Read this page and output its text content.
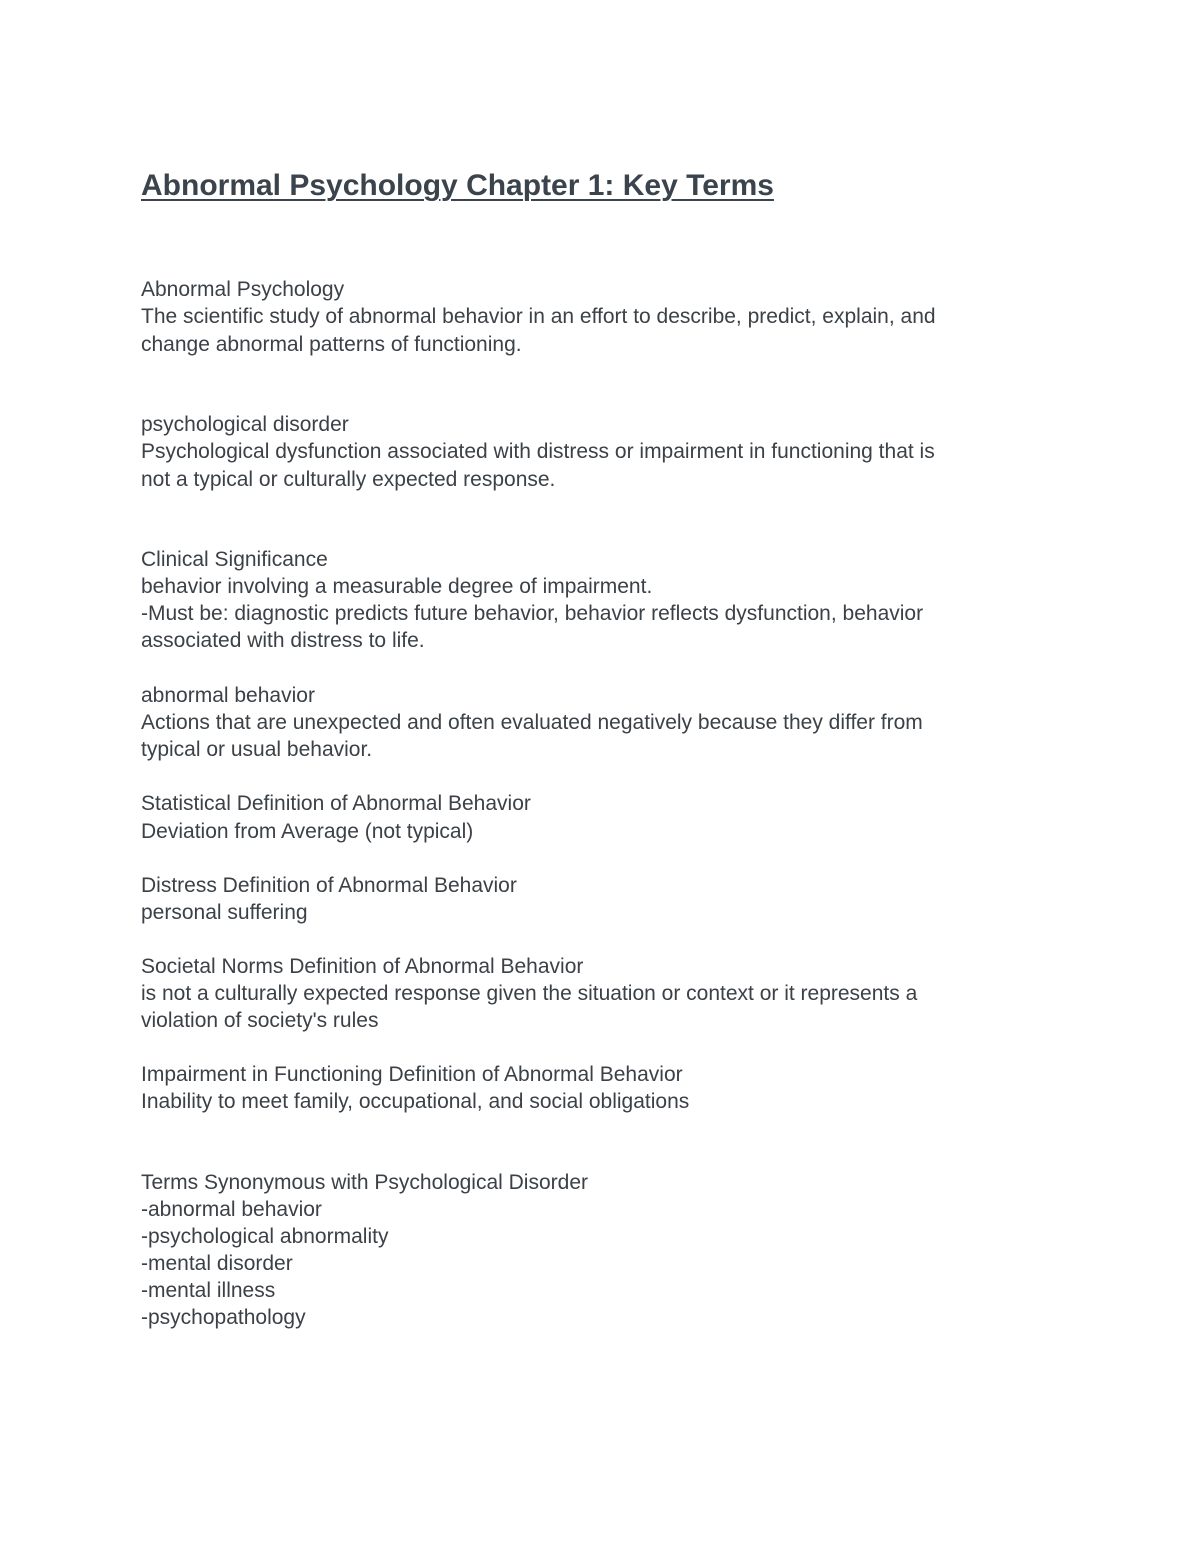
Abnormal Psychology Chapter 1: Key Terms

Abnormal Psychology

The scientific study of abnormal behavior in an effort to describe, predict, explain, and

change abnormal patterns of functioning.

psychological disorder

Psychological dysfunction associated with distress or impairment in functioning that is

not a typical or culturally expected response.

Clinical Significance

behavior involving a measurable degree of impairment.

-Must be: diagnostic predicts future behavior, behavior reflects dysfunction, behavior

associated with distress to life.

abnormal behavior

Actions that are unexpected and often evaluated negatively because they differ from

typical or usual behavior.

Statistical Definition of Abnormal Behavior

Deviation from Average (not typical)

Distress Definition of Abnormal Behavior

personal suffering

Societal Norms Definition of Abnormal Behavior

is not a culturally expected response given the situation or context or it represents a

violation of society's rules

Impairment in Functioning Definition of Abnormal Behavior

Inability to meet family, occupational, and social obligations

Terms Synonymous with Psychological Disorder

-abnormal behavior

-psychological abnormality

-mental disorder

-mental illness

-psychopathology
